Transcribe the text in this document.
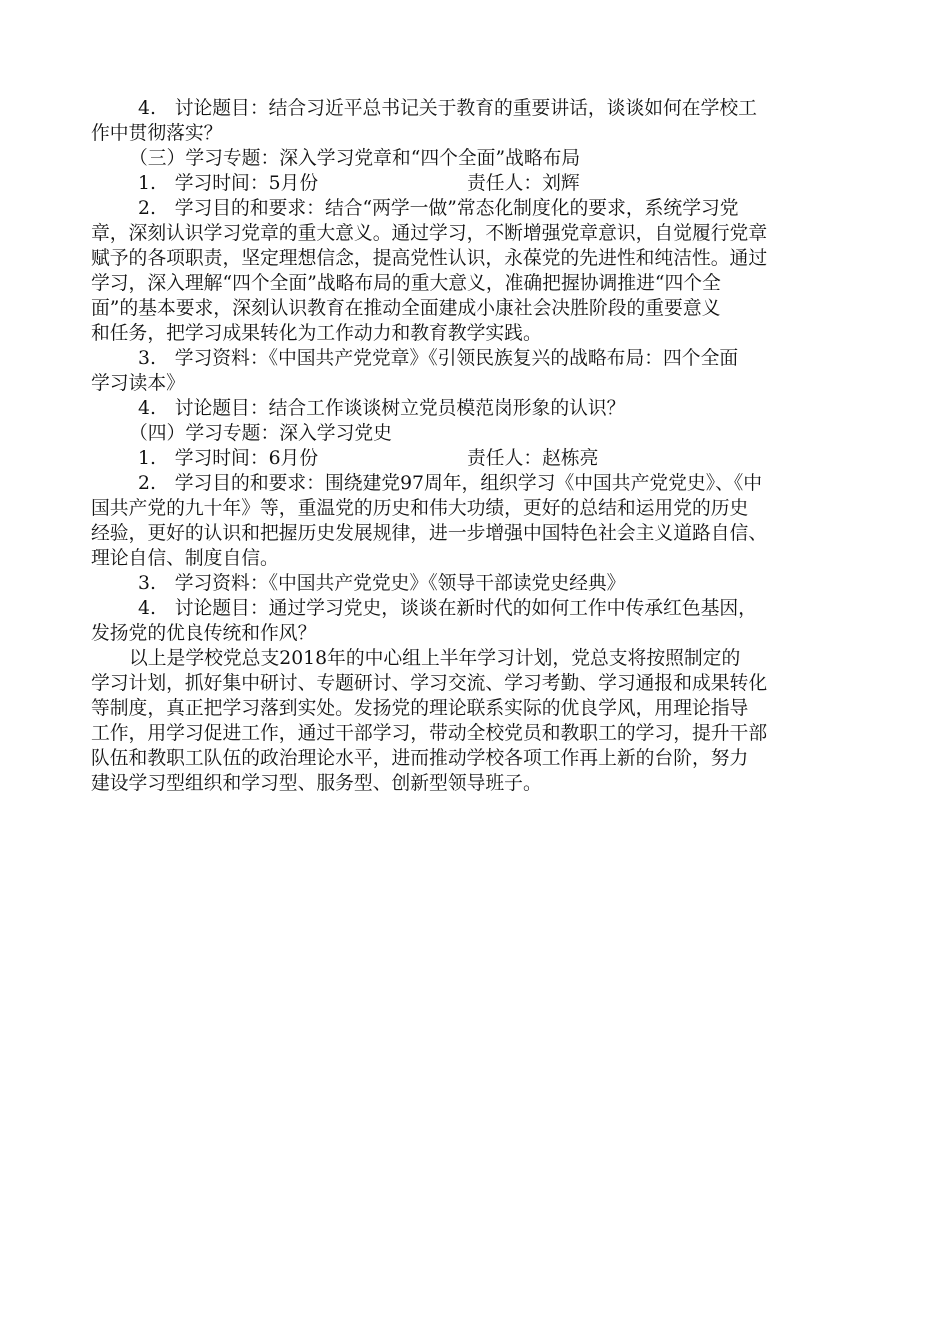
4.　讨论题目：结合习近平总书记关于教育的重要讲话，谈谈如何在学校工
作中贯彻落实？
（三）学习专题：深入学习党章和“四个全面”战略布局
1.　学习时间：5月份	责任人：刘辉
2.　学习目的和要求：结合“两学一做”常态化制度化的要求，系统学习党
章，深刻认识学习党章的重大意义。通过学习，不断增强党章意识，自觉履行党章
赋予的各项职责，坚定理想信念，提高党性认识，永葆党的先进性和纯洁性。通过
学习，深入理解“四个全面”战略布局的重大意义，准确把握协调推进“四个全
面”的基本要求，深刻认识教育在推动全面建成小康社会决胜阶段的重要意义
和任务，把学习成果转化为工作动力和教育教学实践。
3.　学习资料：《中国共产党党章》《引领民族复兴的战略布局：四个全面
学习读本》
4.　讨论题目：结合工作谈谈树立党员模范岗形象的认识？
（四）学习专题：深入学习党史
1.　学习时间：6月份	责任人：赵栋亮
2.　学习目的和要求：围绕建党97周年，组织学习《中国共产党党史》、《中
国共产党的九十年》等，重温党的历史和伟大功绩，更好的总结和运用党的历史
经验，更好的认识和把握历史发展规律，进一步增强中国特色社会主义道路自信、
理论自信、制度自信。
3.　学习资料：《中国共产党党史》《领导干部读党史经典》
4.　讨论题目：通过学习党史，谈谈在新时代的如何工作中传承红色基因，
发扬党的优良传统和作风？
以上是学校党总支2018年的中心组上半年学习计划，党总支将按照制定的
学习计划，抓好集中研讨、专题研讨、学习交流、学习考勤、学习通报和成果转化
等制度，真正把学习落到实处。发扬党的理论联系实际的优良学风，用理论指导
工作，用学习促进工作，通过干部学习，带动全校党员和教职工的学习，提升干部
队伍和教职工队伍的政治理论水平，进而推动学校各项工作再上新的台阶，努力
建设学习型组织和学习型、服务型、创新型领导班子。
